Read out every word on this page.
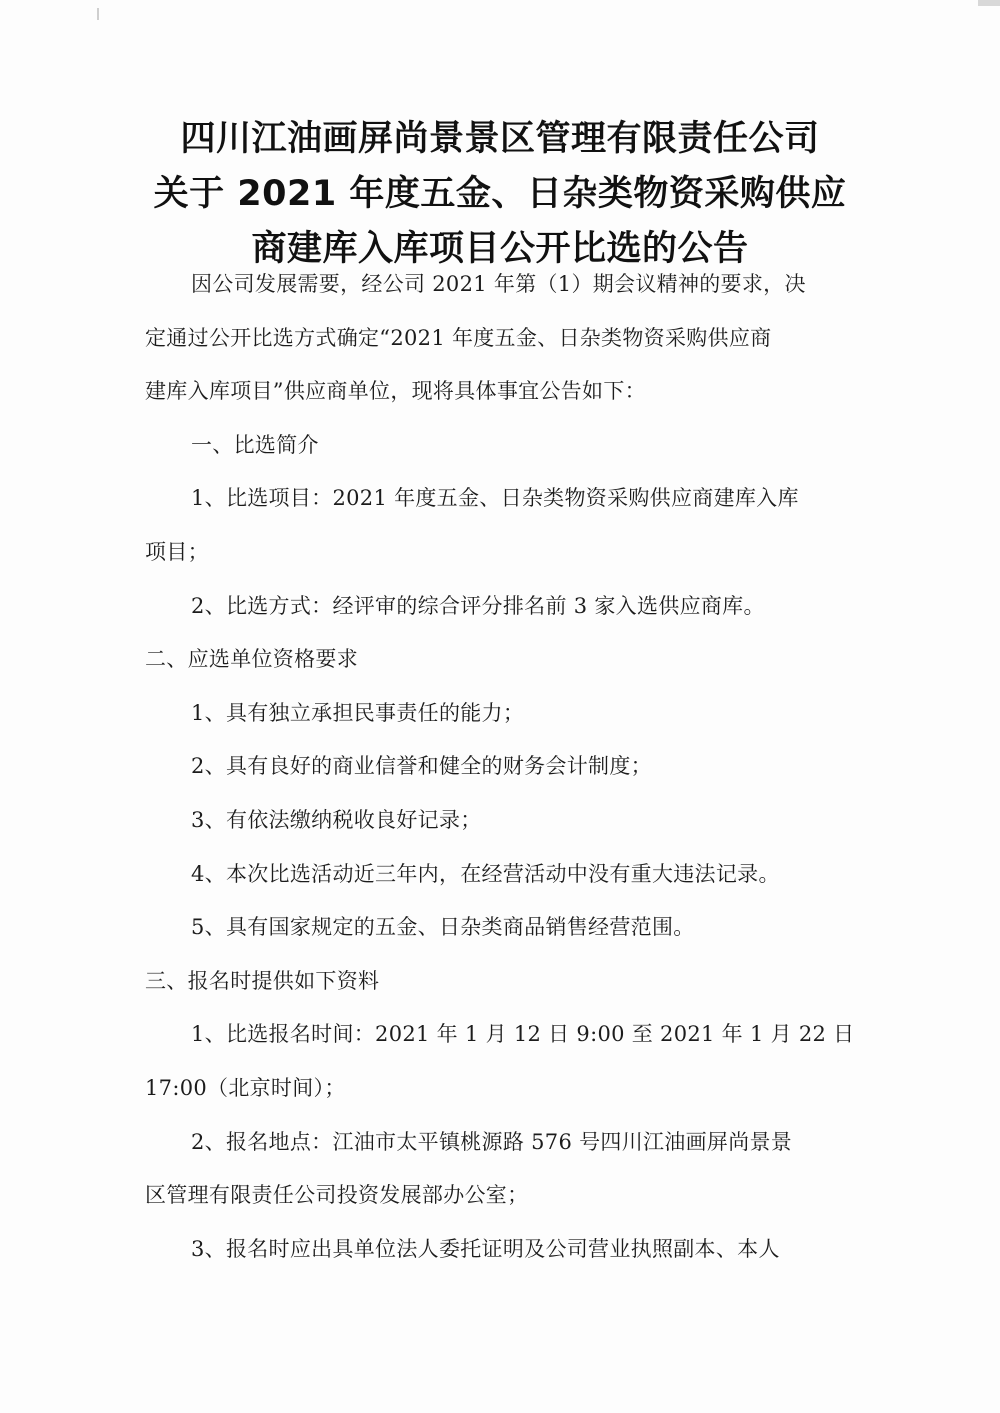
四川江油画屏尚景景区管理有限责任公司
关于 2021 年度五金、日杂类物资采购供应
商建库入库项目公开比选的公告
因公司发展需要，经公司 2021 年第（1）期会议精神的要求，决
定通过公开比选方式确定“2021 年度五金、日杂类物资采购供应商
建库入库项目”供应商单位，现将具体事宜公告如下：
一、比选简介
1、比选项目：2021 年度五金、日杂类物资采购供应商建库入库
项目；
2、比选方式：经评审的综合评分排名前 3 家入选供应商库。
二、应选单位资格要求
1、具有独立承担民事责任的能力；
2、具有良好的商业信誉和健全的财务会计制度；
3、有依法缴纳税收良好记录；
4、本次比选活动近三年内，在经营活动中没有重大违法记录。
5、具有国家规定的五金、日杂类商品销售经营范围。
三、报名时提供如下资料
1、比选报名时间：2021 年 1 月 12 日 9:00 至 2021 年 1 月 22 日
17:00（北京时间）；
2、报名地点：江油市太平镇桃源路 576 号四川江油画屏尚景景
区管理有限责任公司投资发展部办公室；
3、报名时应出具单位法人委托证明及公司营业执照副本、本人
